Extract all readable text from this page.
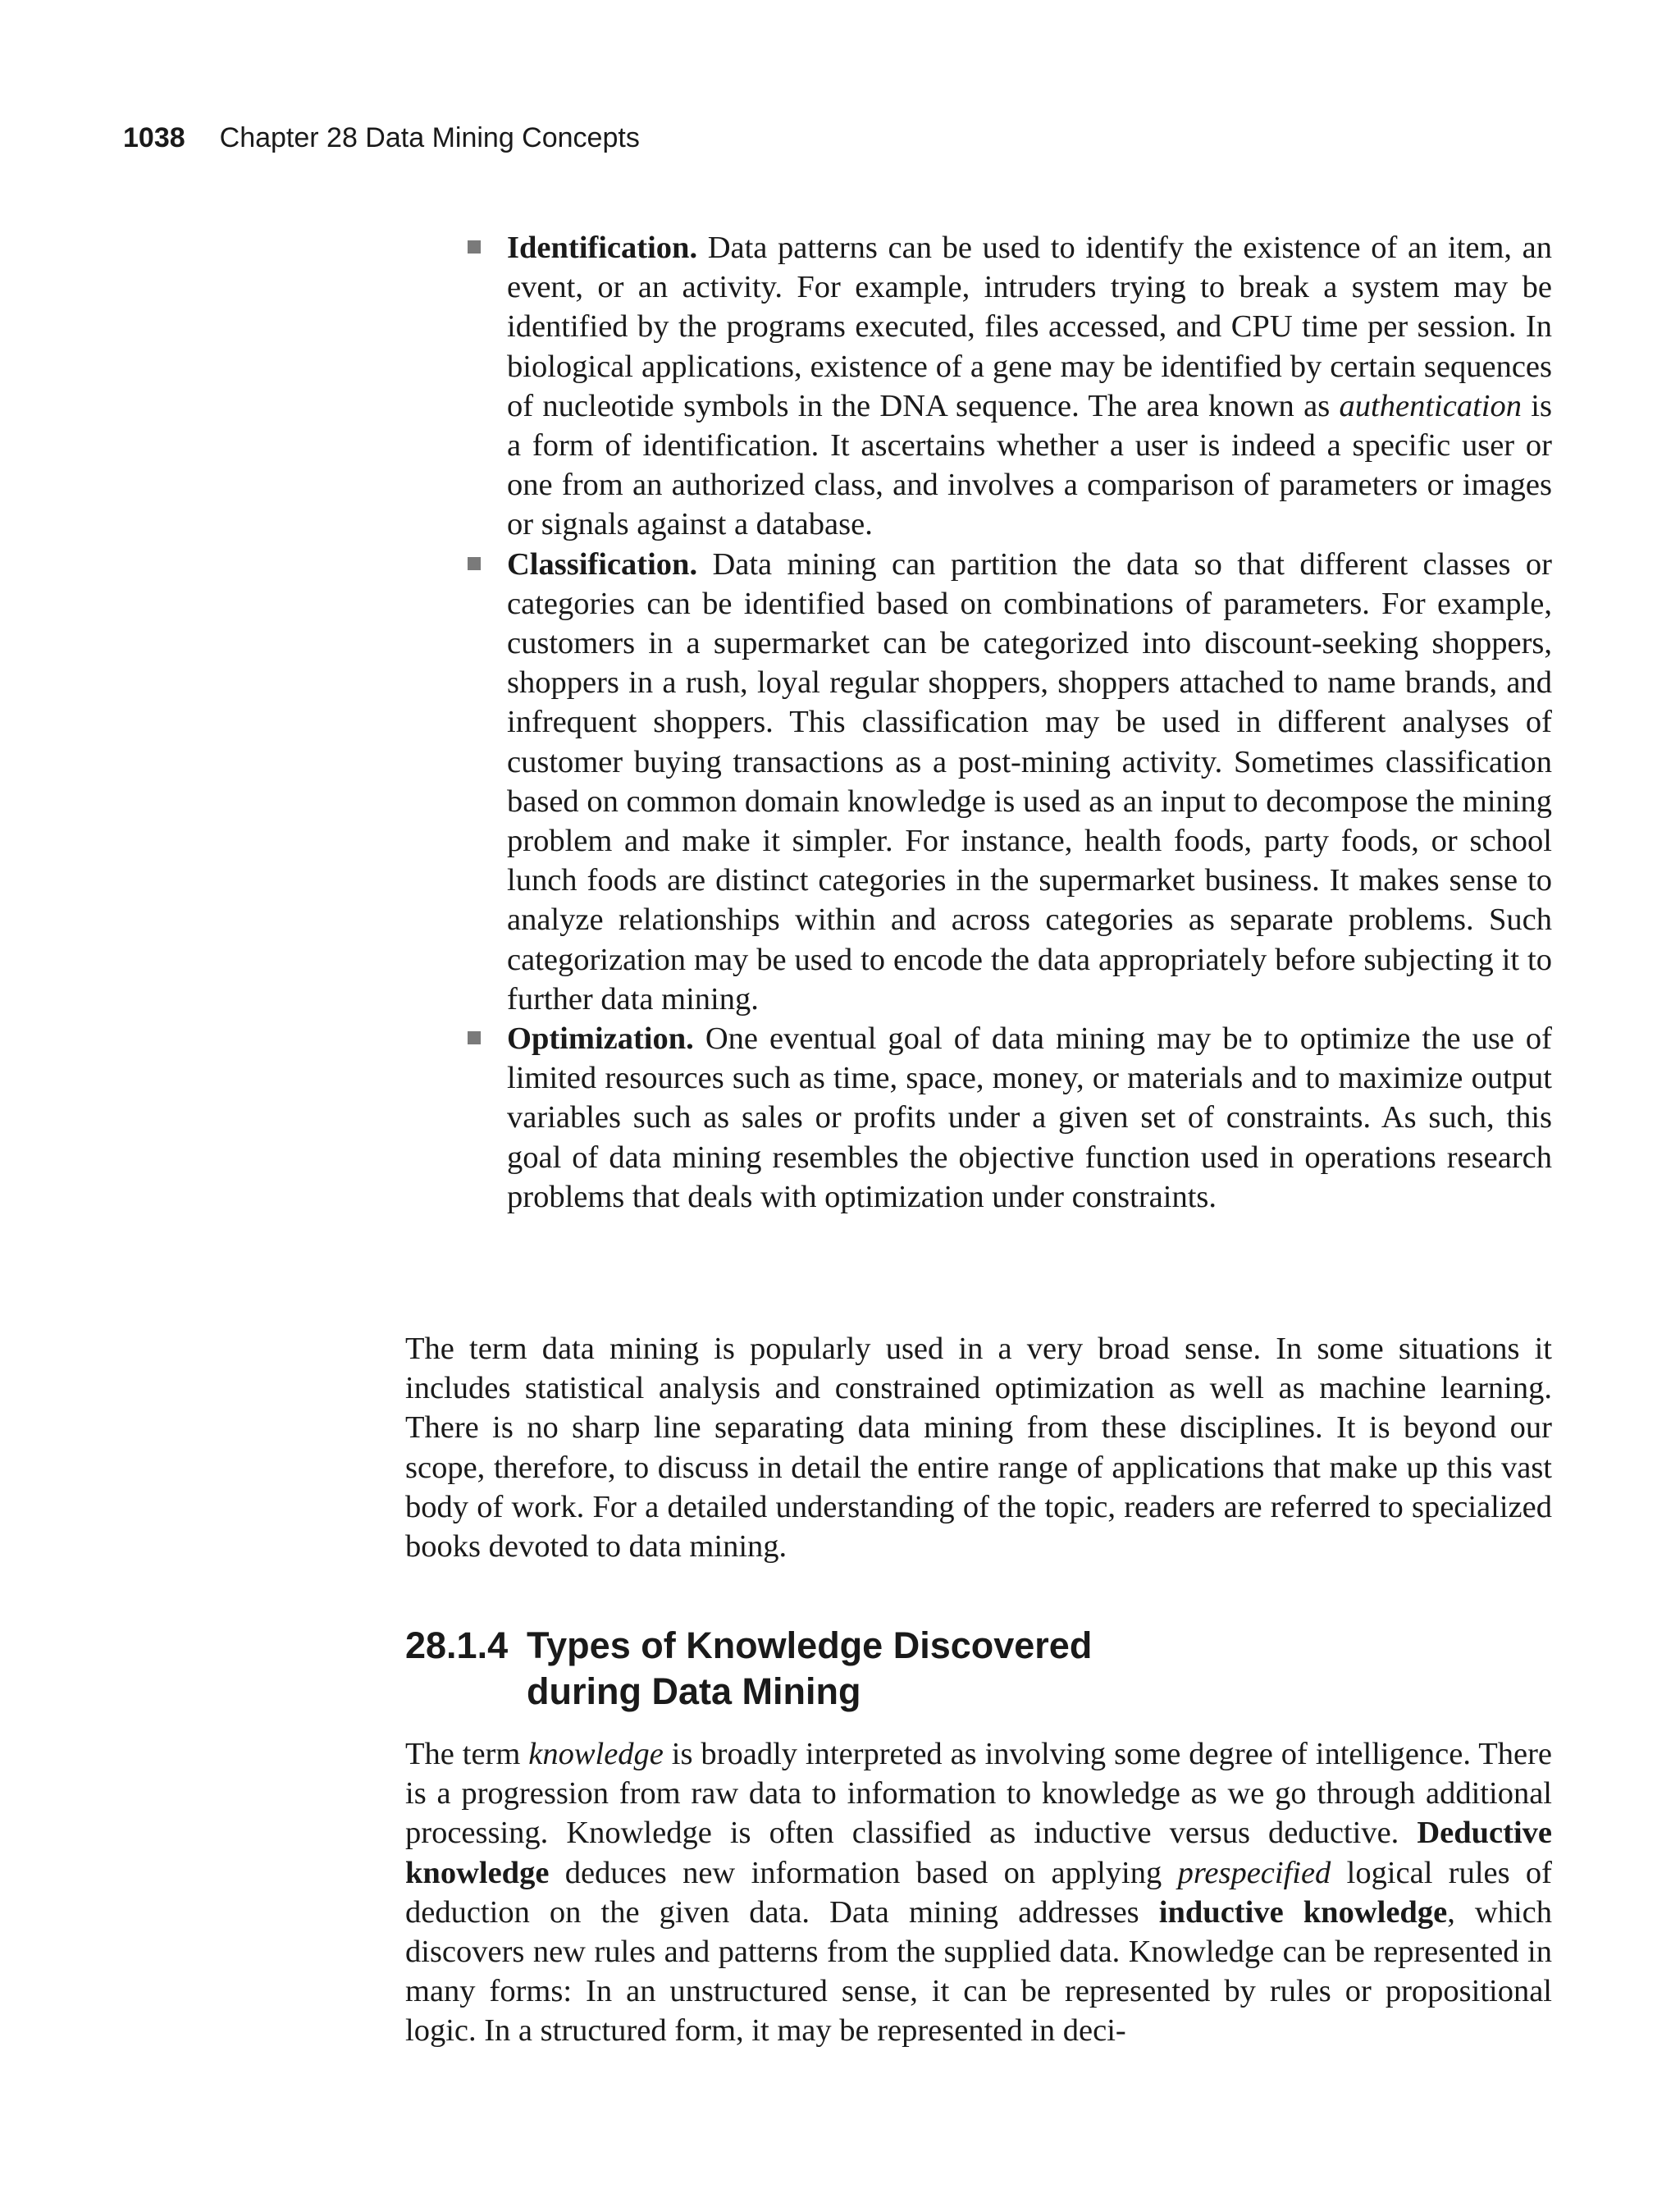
1038 Chapter 28 Data Mining Concepts
Identification. Data patterns can be used to identify the existence of an item, an event, or an activity. For example, intruders trying to break a system may be identified by the programs executed, files accessed, and CPU time per session. In biological applications, existence of a gene may be identified by certain sequences of nucleotide symbols in the DNA sequence. The area known as authentication is a form of identification. It ascertains whether a user is indeed a specific user or one from an authorized class, and involves a comparison of parameters or images or signals against a database.
Classification. Data mining can partition the data so that different classes or categories can be identified based on combinations of parameters. For example, customers in a supermarket can be categorized into discount-seeking shoppers, shoppers in a rush, loyal regular shoppers, shoppers attached to name brands, and infrequent shoppers. This classification may be used in different analyses of customer buying transactions as a post-mining activity. Sometimes classification based on common domain knowledge is used as an input to decompose the mining problem and make it simpler. For instance, health foods, party foods, or school lunch foods are distinct categories in the supermarket business. It makes sense to analyze relationships within and across categories as separate problems. Such categorization may be used to encode the data appropriately before subjecting it to further data mining.
Optimization. One eventual goal of data mining may be to optimize the use of limited resources such as time, space, money, or materials and to maximize output variables such as sales or profits under a given set of constraints. As such, this goal of data mining resembles the objective function used in operations research problems that deals with optimization under constraints.

The term data mining is popularly used in a very broad sense. In some situations it includes statistical analysis and constrained optimization as well as machine learning. There is no sharp line separating data mining from these disciplines. It is beyond our scope, therefore, to discuss in detail the entire range of applications that make up this vast body of work. For a detailed understanding of the topic, readers are referred to specialized books devoted to data mining.

28.1.4 Types of Knowledge Discovered
during Data Mining

The term knowledge is broadly interpreted as involving some degree of intelligence. There is a progression from raw data to information to knowledge as we go through additional processing. Knowledge is often classified as inductive versus deductive. Deductive knowledge deduces new information based on applying prespecified logical rules of deduction on the given data. Data mining addresses inductive knowledge, which discovers new rules and patterns from the supplied data. Knowledge can be represented in many forms: In an unstructured sense, it can be represented by rules or propositional logic. In a structured form, it may be represented in deci-
